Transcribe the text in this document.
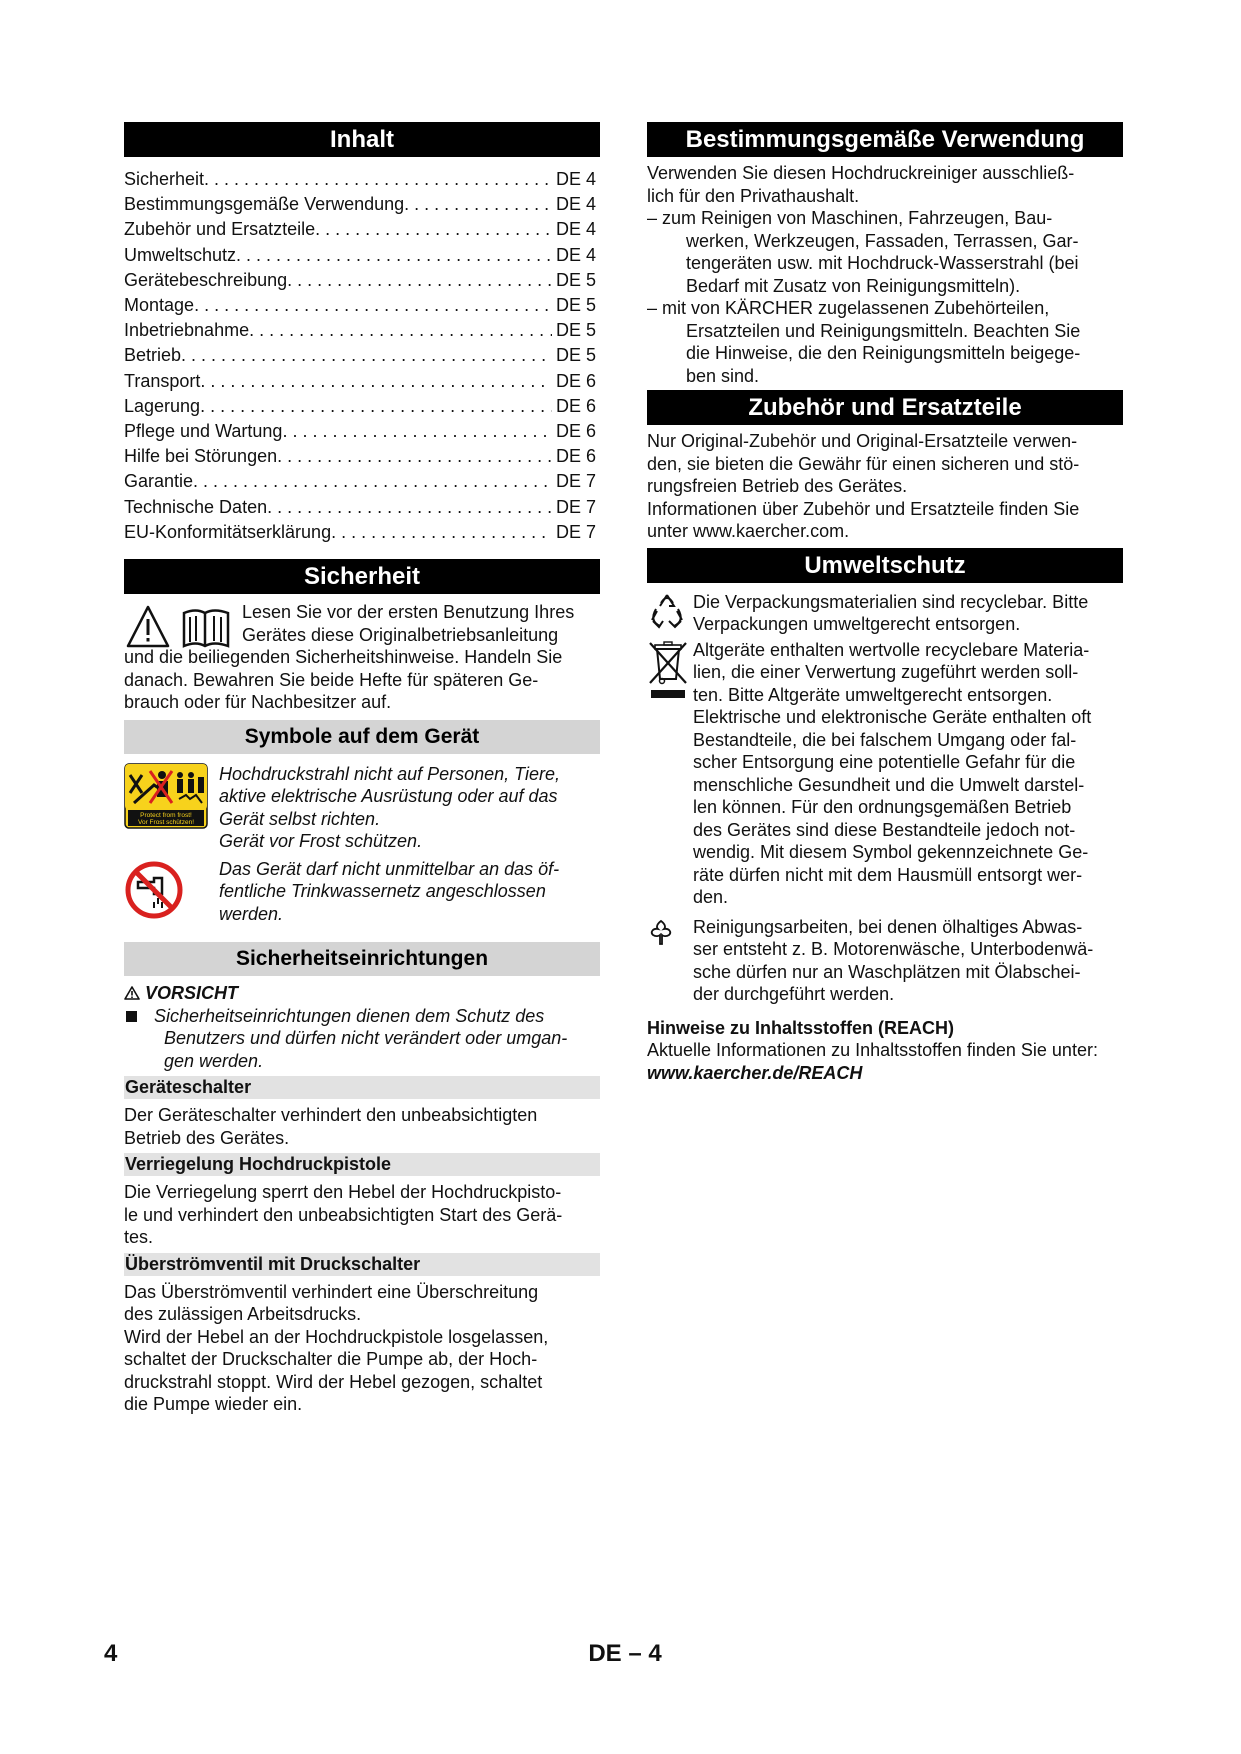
Inhalt
Sicherheit . . .	DE 4
Bestimmungsgemäße Verwendung . . .	DE 4
Zubehör und Ersatzteile . . .	DE 4
Umweltschutz . . .	DE 4
Gerätebeschreibung . . .	DE 5
Montage . . .	DE 5
Inbetriebnahme . . .	DE 5
Betrieb . . .	DE 5
Transport . . .	DE 6
Lagerung . . .	DE 6
Pflege und Wartung . . .	DE 6
Hilfe bei Störungen . . .	DE 6
Garantie . . .	DE 7
Technische Daten . . .	DE 7
EU-Konformitätserklärung . . .	DE 7
Sicherheit

Lesen Sie vor der ersten Benutzung Ihres

Gerätes diese Originalbetriebsanleitung

und die beiliegenden Sicherheitshinweise. Handeln Sie

danach. Bewahren Sie beide Hefte für späteren Ge-

brauch oder für Nachbesitzer auf.

Symbole auf dem Gerät
Protect from frost!
Vor Frost schützen!

Hochdruckstrahl nicht auf Personen, Tiere,

aktive elektrische Ausrüstung oder auf das

Gerät selbst richten.

Gerät vor Frost schützen.

Das Gerät darf nicht unmittelbar an das öf-

fentliche Trinkwassernetz angeschlossen

werden.

Sicherheitseinrichtungen

VORSICHT

Sicherheitseinrichtungen dienen dem Schutz des

Benutzers und dürfen nicht verändert oder umgan-

gen werden.

Geräteschalter

Der Geräteschalter verhindert den unbeabsichtigten

Betrieb des Gerätes.

Verriegelung Hochdruckpistole

Die Verriegelung sperrt den Hebel der Hochdruckpisto-

le und verhindert den unbeabsichtigten Start des Gerä-

tes.

Überströmventil mit Druckschalter

Das Überströmventil verhindert eine Überschreitung

des zulässigen Arbeitsdrucks.

Wird der Hebel an der Hochdruckpistole losgelassen,

schaltet der Druckschalter die Pumpe ab, der Hoch-

druckstrahl stoppt. Wird der Hebel gezogen, schaltet

die Pumpe wieder ein.

Bestimmungsgemäße Verwendung

Verwenden Sie diesen Hochdruckreiniger ausschließ-

lich für den Privathaushalt.

– zum Reinigen von Maschinen, Fahrzeugen, Bau-

werken, Werkzeugen, Fassaden, Terrassen, Gar-

tengeräten usw. mit Hochdruck-Wasserstrahl (bei

Bedarf mit Zusatz von Reinigungsmitteln).

– mit von KÄRCHER zugelassenen Zubehörteilen,

Ersatzteilen und Reinigungsmitteln. Beachten Sie

die Hinweise, die den Reinigungsmitteln beigege-

ben sind.

Zubehör und Ersatzteile

Nur Original-Zubehör und Original-Ersatzteile verwen-

den, sie bieten die Gewähr für einen sicheren und stö-

rungsfreien Betrieb des Gerätes.

Informationen über Zubehör und Ersatzteile finden Sie

unter www.kaercher.com.

Umweltschutz

Die Verpackungsmaterialien sind recyclebar. Bitte

Verpackungen umweltgerecht entsorgen.

Altgeräte enthalten wertvolle recyclebare Materia-

lien, die einer Verwertung zugeführt werden soll-

ten. Bitte Altgeräte umweltgerecht entsorgen.

Elektrische und elektronische Geräte enthalten oft

Bestandteile, die bei falschem Umgang oder fal-

scher Entsorgung eine potentielle Gefahr für die

menschliche Gesundheit und die Umwelt darstel-

len können. Für den ordnungsgemäßen Betrieb

des Gerätes sind diese Bestandteile jedoch not-

wendig. Mit diesem Symbol gekennzeichnete Ge-

räte dürfen nicht mit dem Hausmüll entsorgt wer-

den.

Reinigungsarbeiten, bei denen ölhaltiges Abwas-

ser entsteht z. B. Motorenwäsche, Unterbodenwä-

sche dürfen nur an Waschplätzen mit Ölabschei-

der durchgeführt werden.

Hinweise zu Inhaltsstoffen (REACH)

Aktuelle Informationen zu Inhaltsstoffen finden Sie unter:

www.kaercher.de/REACH

4	DE – 4
